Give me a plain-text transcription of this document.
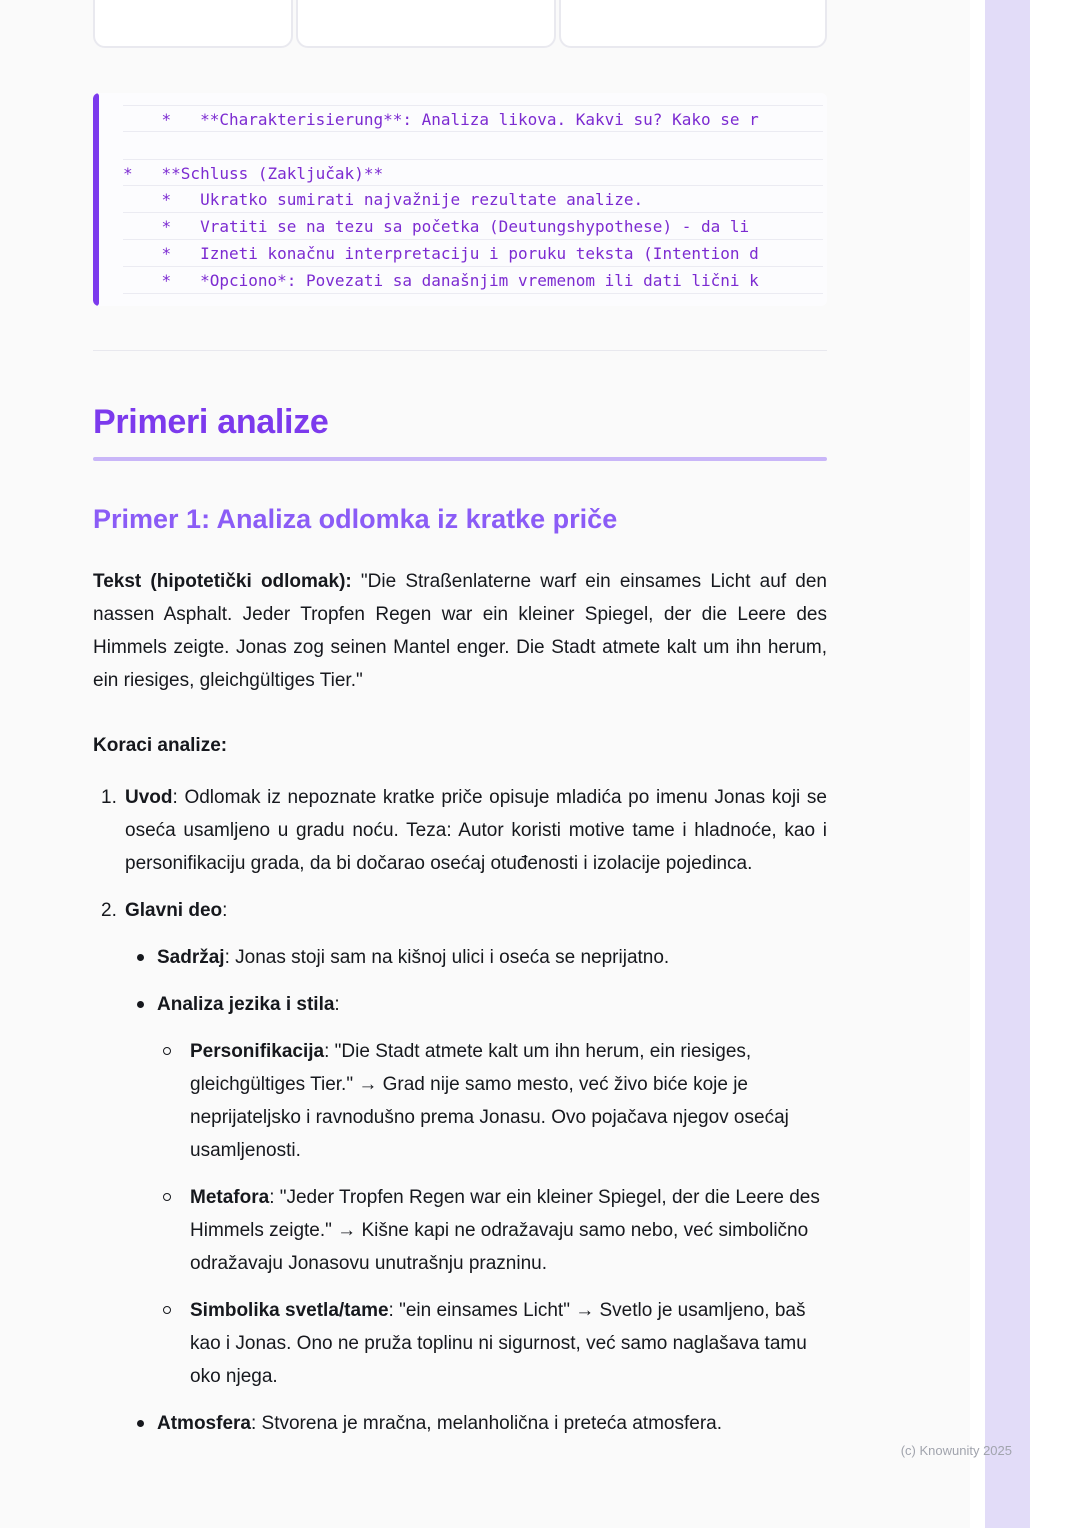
*   **Charakterisierung**: Analiza likova. Kakvi su? Kako se r
*   **Schluss (Zaključak)**
*   Ukratko sumirati najvažnije rezultate analize.
*   Vratiti se na tezu sa početka (Deutungshypothese) - da li
*   Izneti konačnu interpretaciju i poruku teksta (Intention d
*   *Opciono*: Povezati sa današnjim vremenom ili dati lični k
Primeri analize
Primer 1: Analiza odlomka iz kratke priče

Tekst (hipotetički odlomak): "Die Straßenlaterne warf ein einsames Licht auf den nassen Asphalt. Jeder Tropfen Regen war ein kleiner Spiegel, der die Leere des Himmels zeigte. Jonas zog seinen Mantel enger. Die Stadt atmete kalt um ihn herum, ein riesiges, gleichgültiges Tier."

Koraci analize:

1. Uvod: Odlomak iz nepoznate kratke priče opisuje mladića po imenu Jonas koji se oseća usamljeno u gradu noću. Teza: Autor koristi motive tame i hladnoće, kao i personifikaciju grada, da bi dočarao osećaj otuđenosti i izolacije pojedinca.
2. Glavni deo:
Sadržaj: Jonas stoji sam na kišnoj ulici i oseća se neprijatno.
Analiza jezika i stila:
Personifikacija: "Die Stadt atmete kalt um ihn herum, ein riesiges, gleichgültiges Tier." → Grad nije samo mesto, već živo biće koje je neprijateljsko i ravnodušno prema Jonasu. Ovo pojačava njegov osećaj usamljenosti.
Metafora: "Jeder Tropfen Regen war ein kleiner Spiegel, der die Leere des Himmels zeigte." → Kišne kapi ne odražavaju samo nebo, već simbolično odražavaju Jonasovu unutrašnju prazninu.
Simbolika svetla/tame: "ein einsames Licht" → Svetlo je usamljeno, baš kao i Jonas. Ono ne pruža toplinu ni sigurnost, već samo naglašava tamu oko njega.
Atmosfera: Stvorena je mračna, melanholična i preteća atmosfera.
(c) Knowunity 2025
